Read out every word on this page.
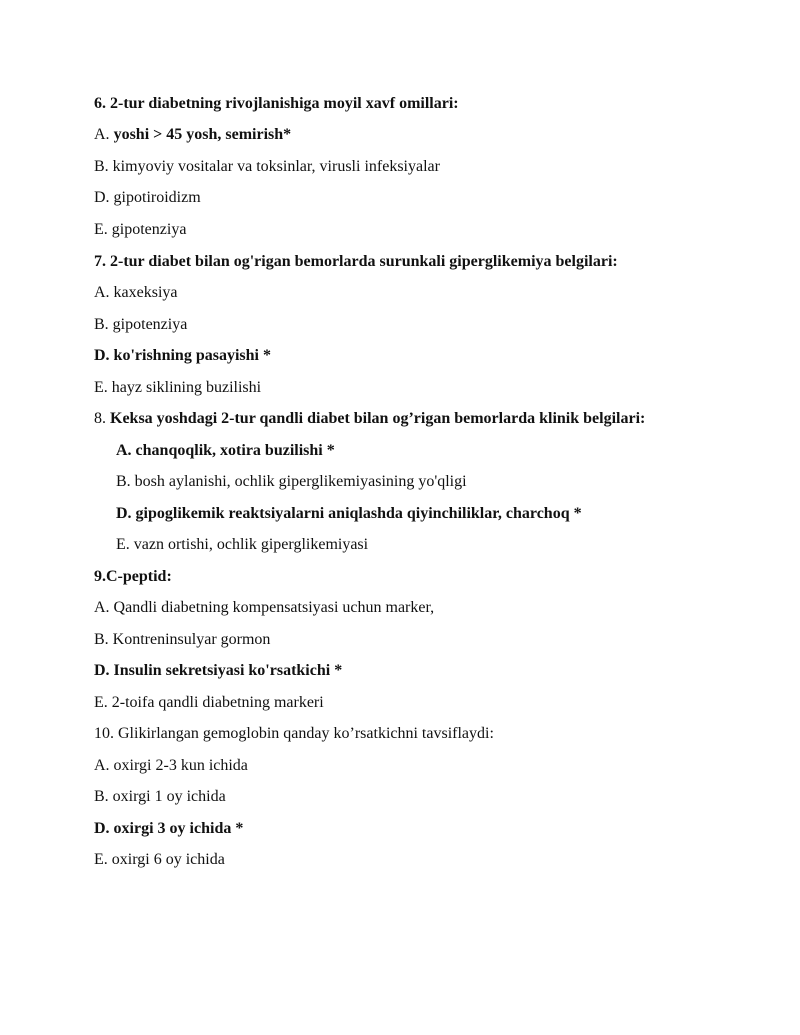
6. 2-tur diabetning rivojlanishiga moyil xavf omillari:
A. yoshi > 45 yosh, semirish*
B. kimyoviy vositalar va toksinlar, virusli infeksiyalar
D. gipotiroidizm
E. gipotenziya
7. 2-tur diabet bilan og'rigan bemorlarda surunkali giperglikemiya belgilari:
A. kaxeksiya
B. gipotenziya
D. ko'rishning pasayishi *
E. hayz siklining buzilishi
8. Keksa yoshdagi 2-tur qandli diabet bilan og’rigan bemorlarda klinik belgilari:
A. chanqoqlik, xotira buzilishi *
B. bosh aylanishi, ochlik giperglikemiyasining yo'qligi
D. gipoglikemik reaktsiyalarni aniqlashda qiyinchiliklar, charchoq *
E. vazn ortishi, ochlik giperglikemiyasi
9.C-peptid:
A. Qandli diabetning kompensatsiyasi uchun marker,
B. Kontreninsulyar gormon
D. Insulin sekretsiyasi ko'rsatkichi *
E. 2-toifa qandli diabetning markeri
10. Glikirlangan gemoglobin qanday ko’rsatkichni tavsiflaydi:
A. oxirgi 2-3 kun ichida
B. oxirgi 1 oy ichida
D. oxirgi 3 oy ichida *
E. oxirgi 6 oy ichida
